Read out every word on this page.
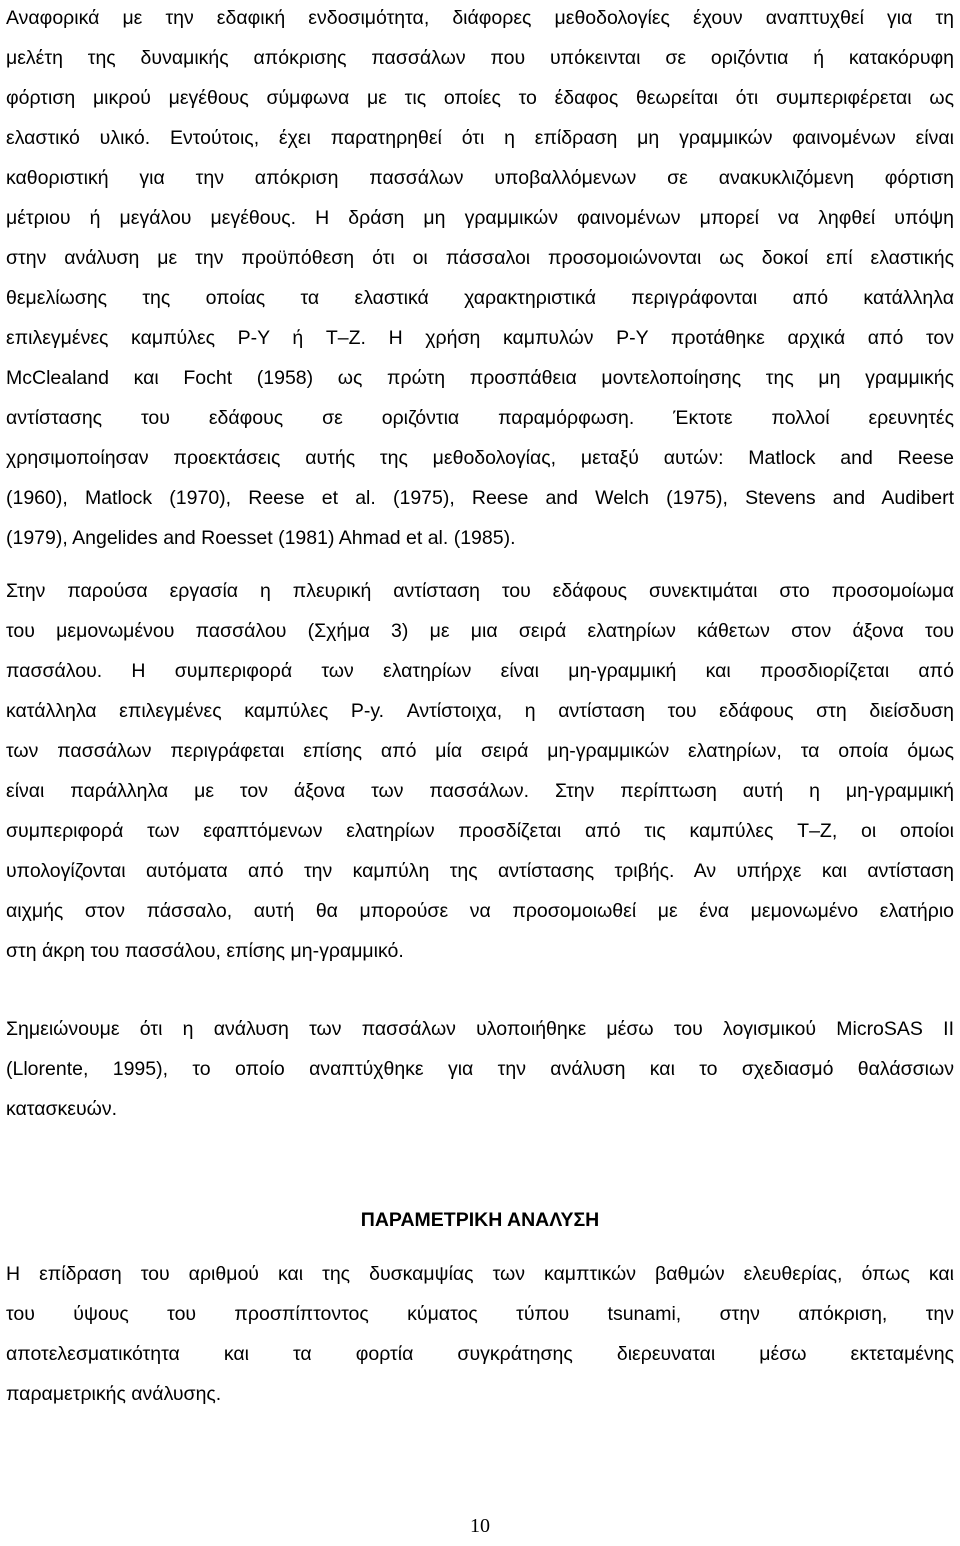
Αναφορικά με την εδαφική ενδοσιμότητα, διάφορες μεθοδολογίες έχουν αναπτυχθεί για τη
μελέτη της δυναμικής απόκρισης πασσάλων που υπόκεινται σε οριζόντια ή κατακόρυφη
φόρτιση μικρού μεγέθους σύμφωνα με τις οποίες το έδαφος θεωρείται ότι συμπεριφέρεται ως
ελαστικό υλικό. Εντούτοις, έχει παρατηρηθεί ότι η επίδραση μη γραμμικών φαινομένων είναι
καθοριστική για την απόκριση πασσάλων υποβαλλόμενων σε ανακυκλιζόμενη φόρτιση
μέτριου ή μεγάλου μεγέθους. Η δράση μη γραμμικών φαινομένων μπορεί να ληφθεί υπόψη
στην ανάλυση με την προϋπόθεση ότι οι πάσσαλοι προσομοιώνονται ως δοκοί επί ελαστικής
θεμελίωσης της οποίας τα ελαστικά χαρακτηριστικά περιγράφονται από κατάλληλα
επιλεγμένες καμπύλες P-Y ή T–Z. Η χρήση καμπυλών P-Y προτάθηκε αρχικά από τον
McClealand και Focht (1958) ως πρώτη προσπάθεια μοντελοποίησης της μη γραμμικής
αντίστασης του εδάφους σε οριζόντια παραμόρφωση. Έκτοτε πολλοί ερευνητές
χρησιμοποίησαν προεκτάσεις αυτής της μεθοδολογίας, μεταξύ αυτών: Matlock and Reese
(1960), Matlock (1970), Reese et al. (1975), Reese and Welch (1975), Stevens and Audibert
(1979), Angelides and Roesset (1981) Ahmad et al. (1985).
Στην παρούσα εργασία η πλευρική αντίσταση του εδάφους συνεκτιμάται στο προσομοίωμα
του μεμονωμένου πασσάλου (Σχήμα 3) με μια σειρά ελατηρίων κάθετων στον άξονα του
πασσάλου. Η συμπεριφορά των ελατηρίων είναι μη-γραμμική και προσδιορίζεται από
κατάλληλα επιλεγμένες καμπύλες P-y. Αντίστοιχα, η αντίσταση του εδάφους στη διείσδυση
των πασσάλων περιγράφεται επίσης από μία σειρά μη-γραμμικών ελατηρίων, τα οποία όμως
είναι παράλληλα με τον άξονα των πασσάλων. Στην περίπτωση αυτή η μη-γραμμική
συμπεριφορά των εφαπτόμενων ελατηρίων προσδίζεται από τις καμπύλες T–Z, οι οποίοι
υπολογίζονται αυτόματα από την καμπύλη της αντίστασης τριβής. Αν υπήρχε και αντίσταση
αιχμής στον πάσσαλο, αυτή θα μπορούσε να προσομοιωθεί με ένα μεμονωμένο ελατήριο
στη άκρη του πασσάλου, επίσης μη-γραμμικό.
Σημειώνουμε ότι η ανάλυση των πασσάλων υλοποιήθηκε μέσω του λογισμικού MicroSAS II
(Llorente, 1995), το οποίο αναπτύχθηκε για την ανάλυση και το σχεδιασμό θαλάσσιων
κατασκευών.
ΠΑΡΑΜΕΤΡΙΚΗ ΑΝΑΛΥΣΗ
Η επίδραση του αριθμού και της δυσκαμψίας των καμπτικών βαθμών ελευθερίας, όπως και
του ύψους του προσπίπτοντος κύματος τύπου tsunami, στην απόκριση, την
αποτελεσματικότητα και τα φορτία συγκράτησης διερευναται μέσω εκτεταμένης
παραμετρικής ανάλυσης.
10
